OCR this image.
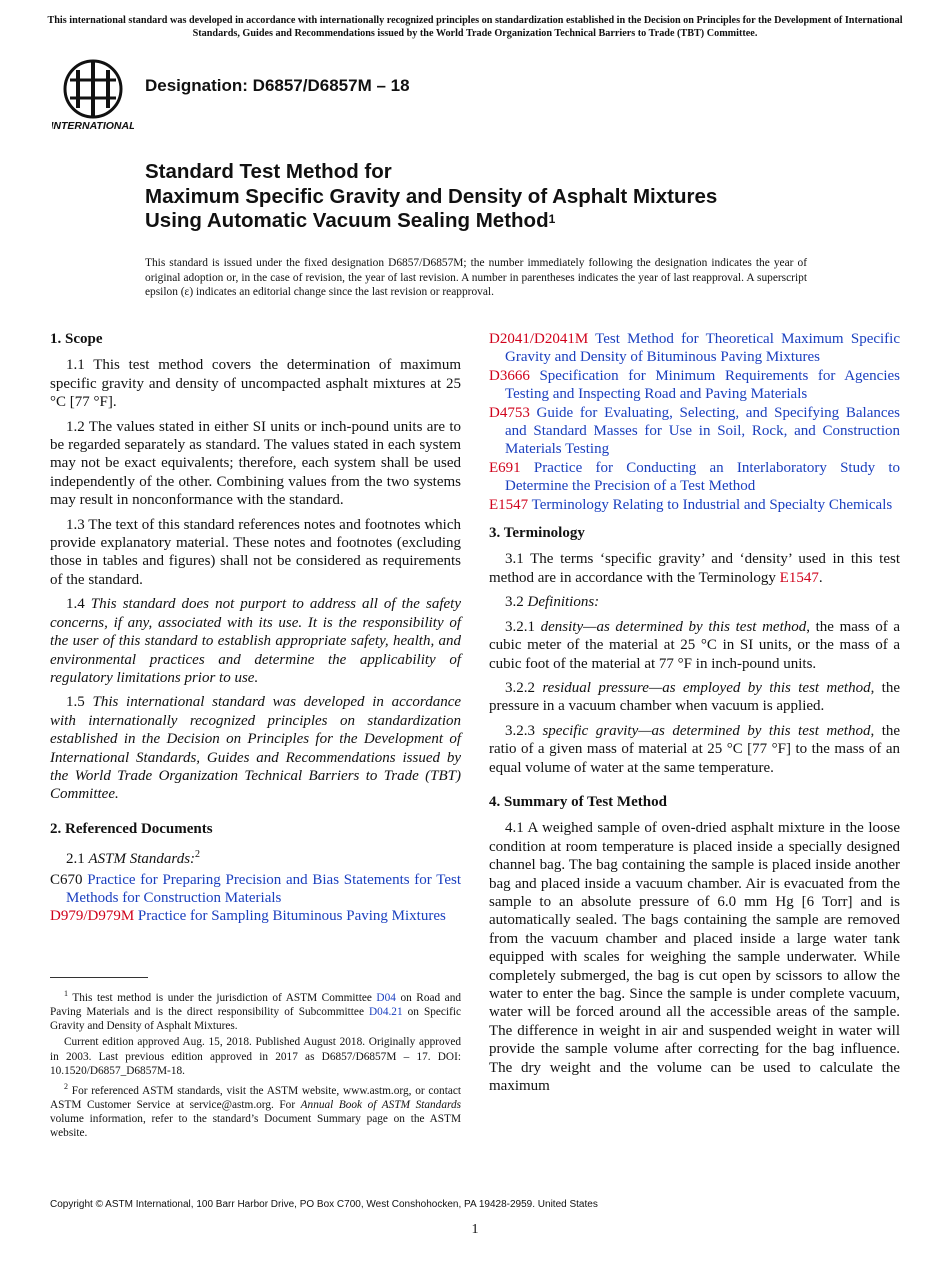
This international standard was developed in accordance with internationally recognized principles on standardization established in the Decision on Principles for the Development of International Standards, Guides and Recommendations issued by the World Trade Organization Technical Barriers to Trade (TBT) Committee.
INTERNATIONAL
Designation: D6857/D6857M – 18
Standard Test Method for
Maximum Specific Gravity and Density of Asphalt Mixtures
Using Automatic Vacuum Sealing Method$^1$
This standard is issued under the fixed designation D6857/D6857M; the number immediately following the designation indicates the year of original adoption or, in the case of revision, the year of last revision. A number in parentheses indicates the year of last reapproval. A superscript epsilon (ε) indicates an editorial change since the last revision or reapproval.
1. Scope

1.1 This test method covers the determination of maximum specific gravity and density of uncompacted asphalt mixtures at 25 °C [77 °F].

1.2 The values stated in either SI units or inch-pound units are to be regarded separately as standard. The values stated in each system may not be exact equivalents; therefore, each system shall be used independently of the other. Combining values from the two systems may result in nonconformance with the standard.

1.3 The text of this standard references notes and footnotes which provide explanatory material. These notes and footnotes (excluding those in tables and figures) shall not be considered as requirements of the standard.

1.4 This standard does not purport to address all of the safety concerns, if any, associated with its use. It is the responsibility of the user of this standard to establish appropriate safety, health, and environmental practices and determine the applicability of regulatory limitations prior to use.

1.5 This international standard was developed in accordance with internationally recognized principles on standardization established in the Decision on Principles for the Development of International Standards, Guides and Recommendations issued by the World Trade Organization Technical Barriers to Trade (TBT) Committee.

2. Referenced Documents

2.1 ASTM Standards:$^2$

C670 Practice for Preparing Precision and Bias Statements for Test Methods for Construction Materials
D979/D979M Practice for Sampling Bituminous Paving Mixtures
D2041/D2041M Test Method for Theoretical Maximum Specific Gravity and Density of Bituminous Paving Mixtures
D3666 Specification for Minimum Requirements for Agencies Testing and Inspecting Road and Paving Materials
D4753 Guide for Evaluating, Selecting, and Specifying Balances and Standard Masses for Use in Soil, Rock, and Construction Materials Testing
E691 Practice for Conducting an Interlaboratory Study to Determine the Precision of a Test Method
E1547 Terminology Relating to Industrial and Specialty Chemicals
3. Terminology

3.1 The terms ‘specific gravity’ and ‘density’ used in this test method are in accordance with the Terminology E1547.

3.2 Definitions:

3.2.1 density—as determined by this test method, the mass of a cubic meter of the material at 25 °C in SI units, or the mass of a cubic foot of the material at 77 °F in inch-pound units.

3.2.2 residual pressure—as employed by this test method, the pressure in a vacuum chamber when vacuum is applied.

3.2.3 specific gravity—as determined by this test method, the ratio of a given mass of material at 25 °C [77 °F] to the mass of an equal volume of water at the same temperature.

4. Summary of Test Method

4.1 A weighed sample of oven-dried asphalt mixture in the loose condition at room temperature is placed inside a specially designed channel bag. The bag containing the sample is placed inside another bag and placed inside a vacuum chamber. Air is evacuated from the sample to an absolute pressure of 6.0 mm Hg [6 Torr] and is automatically sealed. The bags containing the sample are removed from the vacuum chamber and placed inside a large water tank equipped with scales for weighing the sample underwater. While completely submerged, the bag is cut open by scissors to allow the water to enter the bag. Since the sample is under complete vacuum, water will be forced around all the accessible areas of the sample. The difference in weight in air and suspended weight in water will provide the sample volume after correcting for the bag influence. The dry weight and the volume can be used to calculate the maximum

$^1$ This test method is under the jurisdiction of ASTM Committee D04 on Road and Paving Materials and is the direct responsibility of Subcommittee D04.21 on Specific Gravity and Density of Asphalt Mixtures.

Current edition approved Aug. 15, 2018. Published August 2018. Originally approved in 2003. Last previous edition approved in 2017 as D6857/D6857M – 17. DOI: 10.1520/D6857_D6857M-18.

$^2$ For referenced ASTM standards, visit the ASTM website, www.astm.org, or contact ASTM Customer Service at service@astm.org. For Annual Book of ASTM Standards volume information, refer to the standard’s Document Summary page on the ASTM website.

Copyright © ASTM International, 100 Barr Harbor Drive, PO Box C700, West Conshohocken, PA 19428-2959. United States
1
